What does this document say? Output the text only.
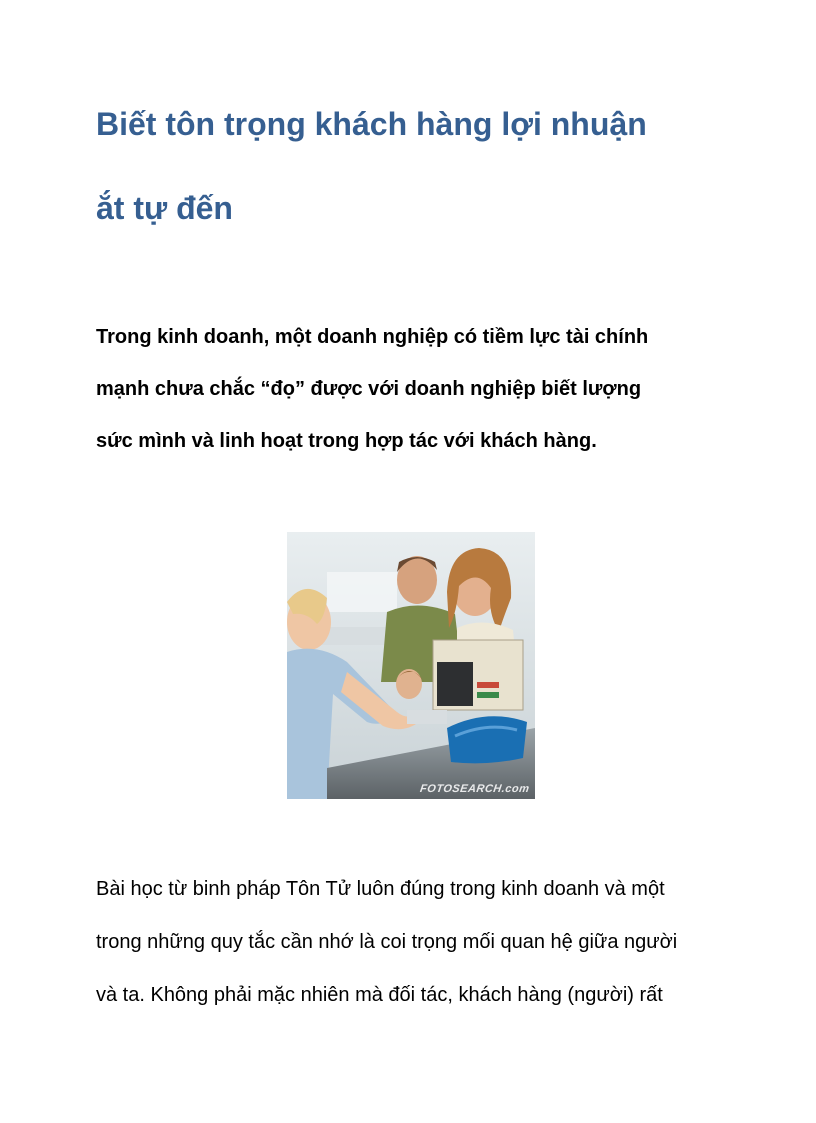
Biết tôn trọng khách hàng lợi nhuận
ắt tự đến

Trong kinh doanh, một doanh nghiệp có tiềm lực tài chính

mạnh chưa chắc “đọ” được với doanh nghiệp biết lượng

sức mình và linh hoạt trong hợp tác với khách hàng.

FOTOSEARCH.com

Bài học từ binh pháp Tôn Tử luôn đúng trong kinh doanh và một

trong những quy tắc cần nhớ là coi trọng mối quan hệ giữa người

và ta. Không phải mặc nhiên mà đối tác, khách hàng (người) rất
